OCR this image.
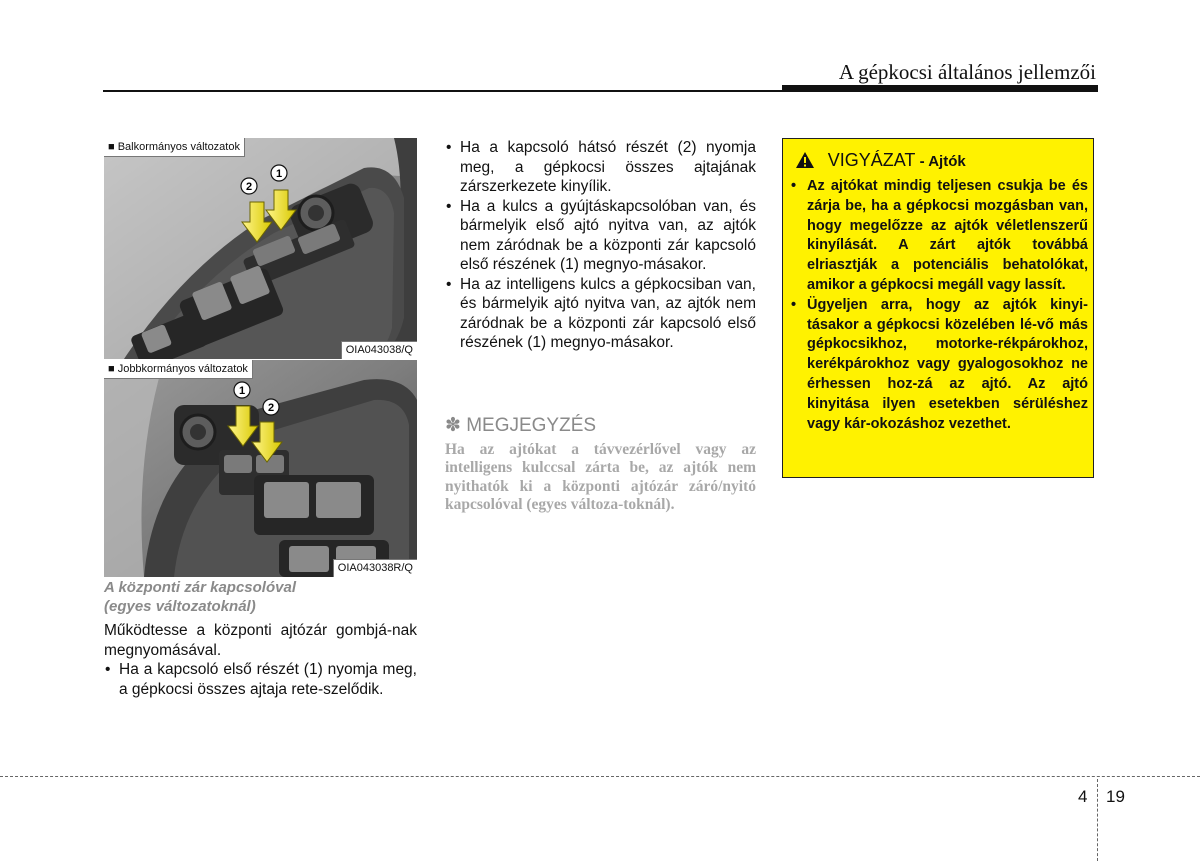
A gépkocsi általános jellemzői
2
1
■ Balkormányos változatok
OIA043038/Q
1
2
■ Jobbkormányos változatok
OIA043038R/Q
A központi zár kapcsolóval
(egyes változatoknál)
Működtesse a központi ajtózár gombjá-nak megnyomásával.
• Ha a kapcsoló első részét (1) nyomja meg, a gépkocsi összes ajtaja rete-szelődik.
• Ha a kapcsoló hátsó részét (2) nyomja meg, a gépkocsi összes ajtajának zárszerkezete kinyílik.
• Ha a kulcs a gyújtáskapcsolóban van, és bármelyik első ajtó nyitva van, az ajtók nem záródnak be a központi zár kapcsoló első részének (1) megnyo-másakor.
• Ha az intelligens kulcs a gépkocsiban van, és bármelyik ajtó nyitva van, az ajtók nem záródnak be a központi zár kapcsoló első részének (1) megnyo-másakor.
✽ MEGJEGYZÉS
Ha az ajtókat a távvezérlővel vagy az intelligens kulccsal zárta be, az ajtók nem nyithatók ki a központi ajtózár záró/nyitó kapcsolóval (egyes változa-toknál).
VIGYÁZAT - Ajtók
• Az ajtókat mindig teljesen csukja be és zárja be, ha a gépkocsi mozgásban van, hogy megelőzze az ajtók véletlenszerű kinyílását. A zárt ajtók továbbá elriasztják a potenciális behatolókat, amikor a gépkocsi megáll vagy lassít.
• Ügyeljen arra, hogy az ajtók kinyi-tásakor a gépkocsi közelében lé-vő más gépkocsikhoz, motorke-rékpárokhoz, kerékpárokhoz vagy gyalogosokhoz ne érhessen hoz-zá az ajtó. Az ajtó kinyitása ilyen esetekben sérüléshez vagy kár-okozáshoz vezethet.
4 19
